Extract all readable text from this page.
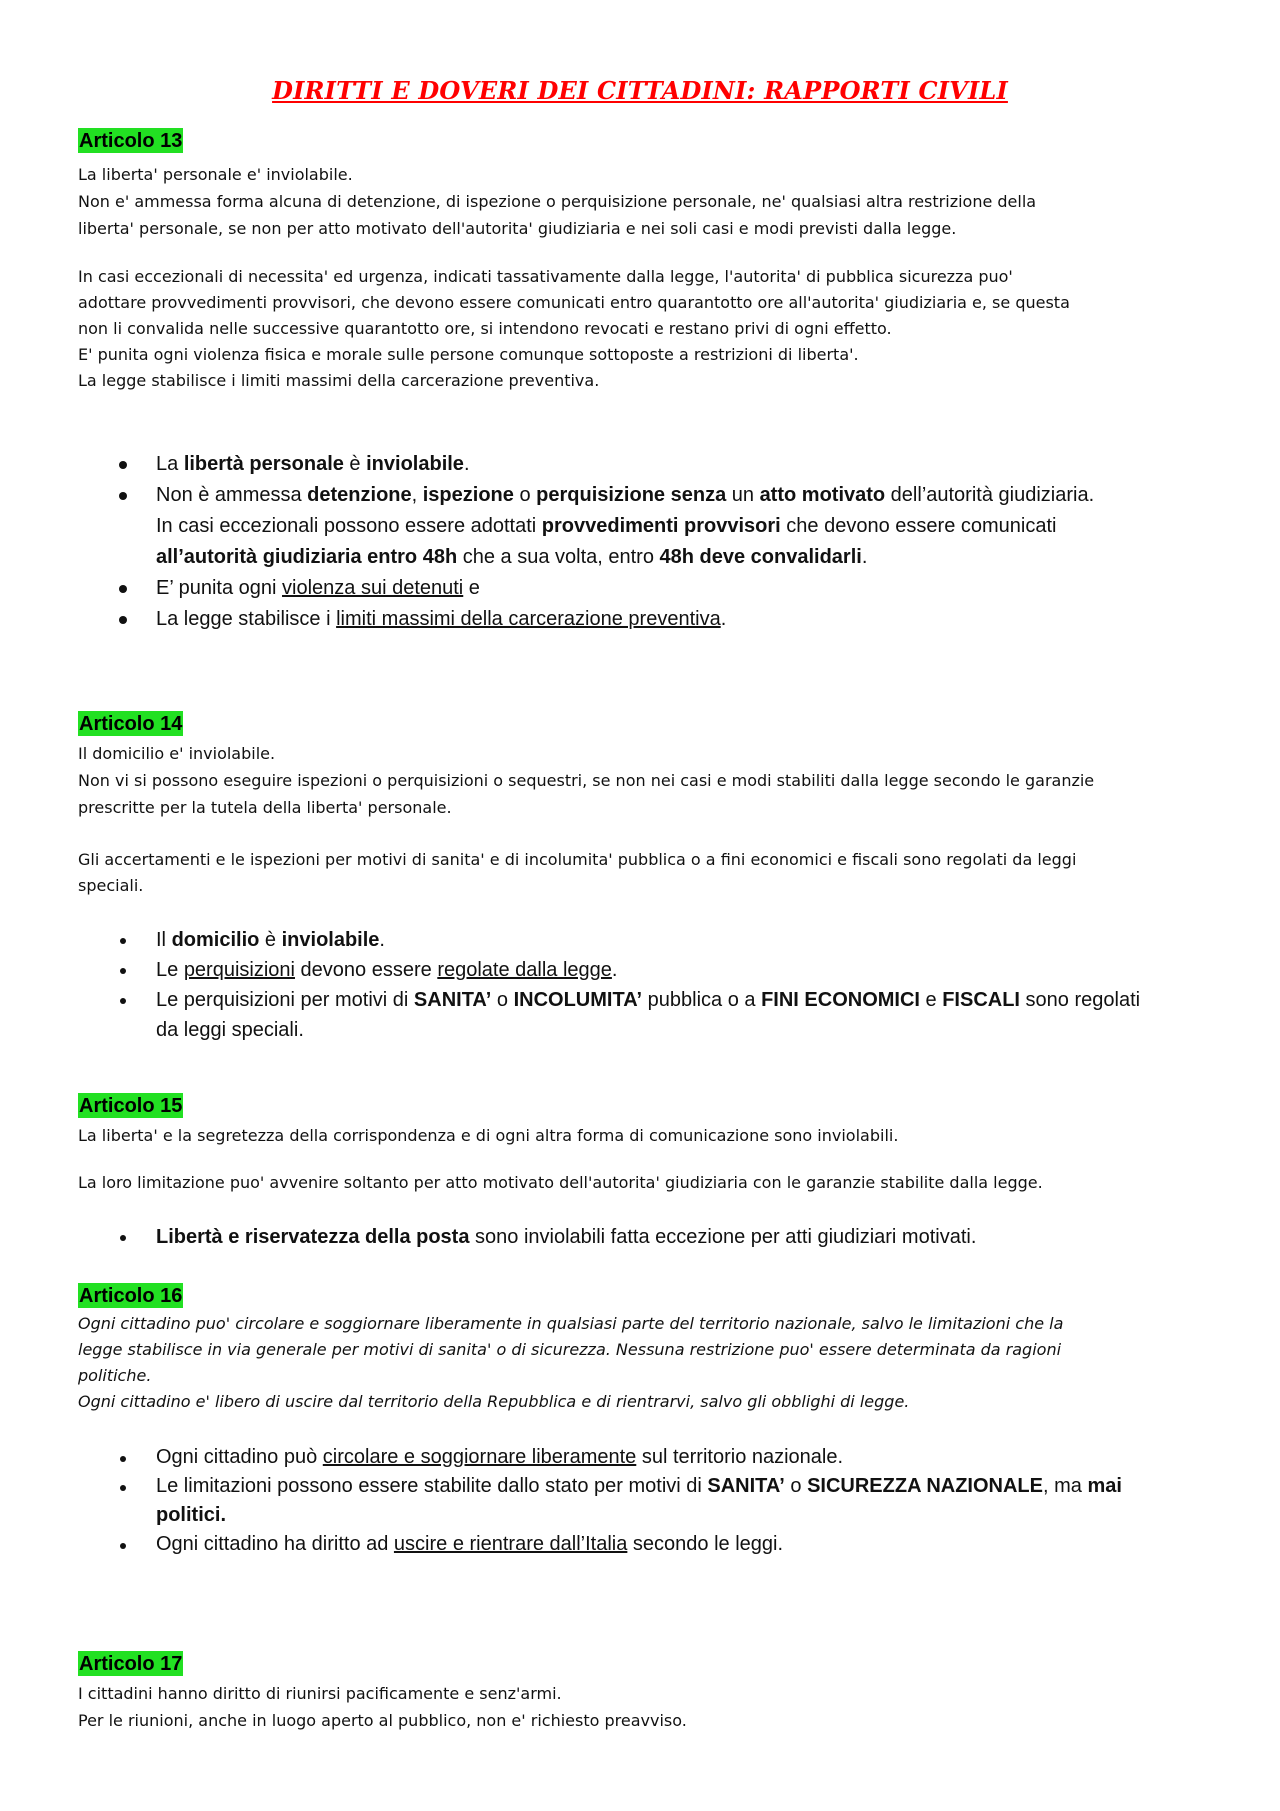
DIRITTI E DOVERI DEI CITTADINI: RAPPORTI CIVILI
Articolo 13
La liberta' personale e' inviolabile.
Non e' ammessa forma alcuna di detenzione, di ispezione o perquisizione personale, ne' qualsiasi altra restrizione della
liberta' personale, se non per atto motivato dell'autorita' giudiziaria e nei soli casi e modi previsti dalla legge.
In casi eccezionali di necessita' ed urgenza, indicati tassativamente dalla legge, l'autorita' di pubblica sicurezza puo'
adottare provvedimenti provvisori, che devono essere comunicati entro quarantotto ore all'autorita' giudiziaria e, se questa
non li convalida nelle successive quarantotto ore, si intendono revocati e restano privi di ogni effetto.
E' punita ogni violenza fisica e morale sulle persone comunque sottoposte a restrizioni di liberta'.
La legge stabilisce i limiti massimi della carcerazione preventiva.
La libertà personale è inviolabile.
Non è ammessa detenzione, ispezione o perquisizione senza un atto motivato dell’autorità giudiziaria.
In casi eccezionali possono essere adottati provvedimenti provvisori che devono essere comunicati
all’autorità giudiziaria entro 48h che a sua volta, entro 48h deve convalidarli.
E’ punita ogni violenza sui detenuti e
La legge stabilisce i limiti massimi della carcerazione preventiva.
Articolo 14
Il domicilio e' inviolabile.
Non vi si possono eseguire ispezioni o perquisizioni o sequestri, se non nei casi e modi stabiliti dalla legge secondo le garanzie
prescritte per la tutela della liberta' personale.
Gli accertamenti e le ispezioni per motivi di sanita' e di incolumita' pubblica o a fini economici e fiscali sono regolati da leggi
speciali.
Il domicilio è inviolabile.
Le perquisizioni devono essere regolate dalla legge.
Le perquisizioni per motivi di SANITA’ o INCOLUMITA’ pubblica o a FINI ECONOMICI e FISCALI sono regolati
da leggi speciali.
Articolo 15
La liberta' e la segretezza della corrispondenza e di ogni altra forma di comunicazione sono inviolabili.
La loro limitazione puo' avvenire soltanto per atto motivato dell'autorita' giudiziaria con le garanzie stabilite dalla legge.
Libertà e riservatezza della posta sono inviolabili fatta eccezione per atti giudiziari motivati.
Articolo 16
Ogni cittadino puo' circolare e soggiornare liberamente in qualsiasi parte del territorio nazionale, salvo le limitazioni che la
legge stabilisce in via generale per motivi di sanita' o di sicurezza. Nessuna restrizione puo' essere determinata da ragioni
politiche.
Ogni cittadino e' libero di uscire dal territorio della Repubblica e di rientrarvi, salvo gli obblighi di legge.
Ogni cittadino può circolare e soggiornare liberamente sul territorio nazionale.
Le limitazioni possono essere stabilite dallo stato per motivi di SANITA’ o SICUREZZA NAZIONALE, ma mai
politici.
Ogni cittadino ha diritto ad uscire e rientrare dall’Italia secondo le leggi.
Articolo 17
I cittadini hanno diritto di riunirsi pacificamente e senz'armi.
Per le riunioni, anche in luogo aperto al pubblico, non e' richiesto preavviso.
